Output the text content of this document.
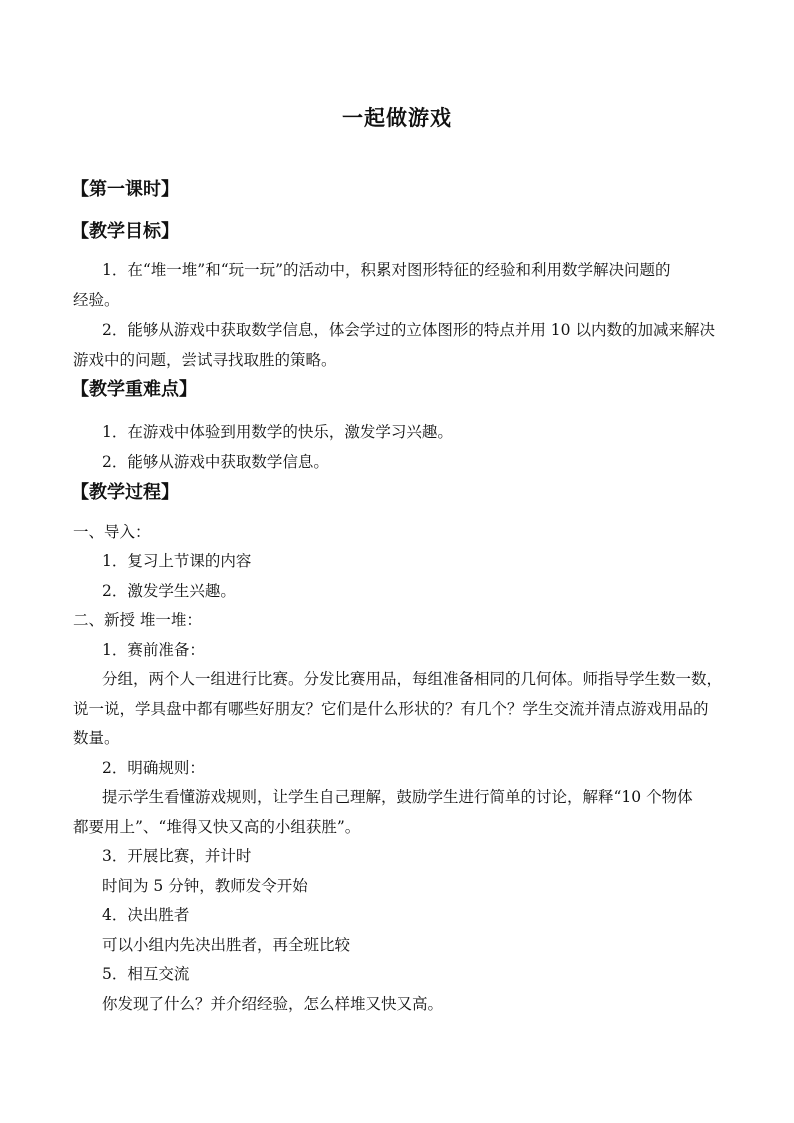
一起做游戏
【第一课时】
【教学目标】
1．在“堆一堆”和“玩一玩”的活动中，积累对图形特征的经验和利用数学解决问题的
经验。
2．能够从游戏中获取数学信息，体会学过的立体图形的特点并用 10 以内数的加减来解决
游戏中的问题，尝试寻找取胜的策略。
【教学重难点】
1．在游戏中体验到用数学的快乐，激发学习兴趣。
2．能够从游戏中获取数学信息。
【教学过程】
一、导入：
1．复习上节课的内容
2．激发学生兴趣。
二、新授 堆一堆：
1．赛前准备：
分组，两个人一组进行比赛。分发比赛用品，每组准备相同的几何体。师指导学生数一数，
说一说，学具盘中都有哪些好朋友？它们是什么形状的？有几个？学生交流并清点游戏用品的
数量。
2．明确规则：
提示学生看懂游戏规则，让学生自己理解，鼓励学生进行简单的讨论，解释“10 个物体
都要用上”、“堆得又快又高的小组获胜”。
3．开展比赛，并计时
时间为 5 分钟，教师发令开始
4．决出胜者
可以小组内先决出胜者，再全班比较
5．相互交流
你发现了什么？并介绍经验，怎么样堆又快又高。
